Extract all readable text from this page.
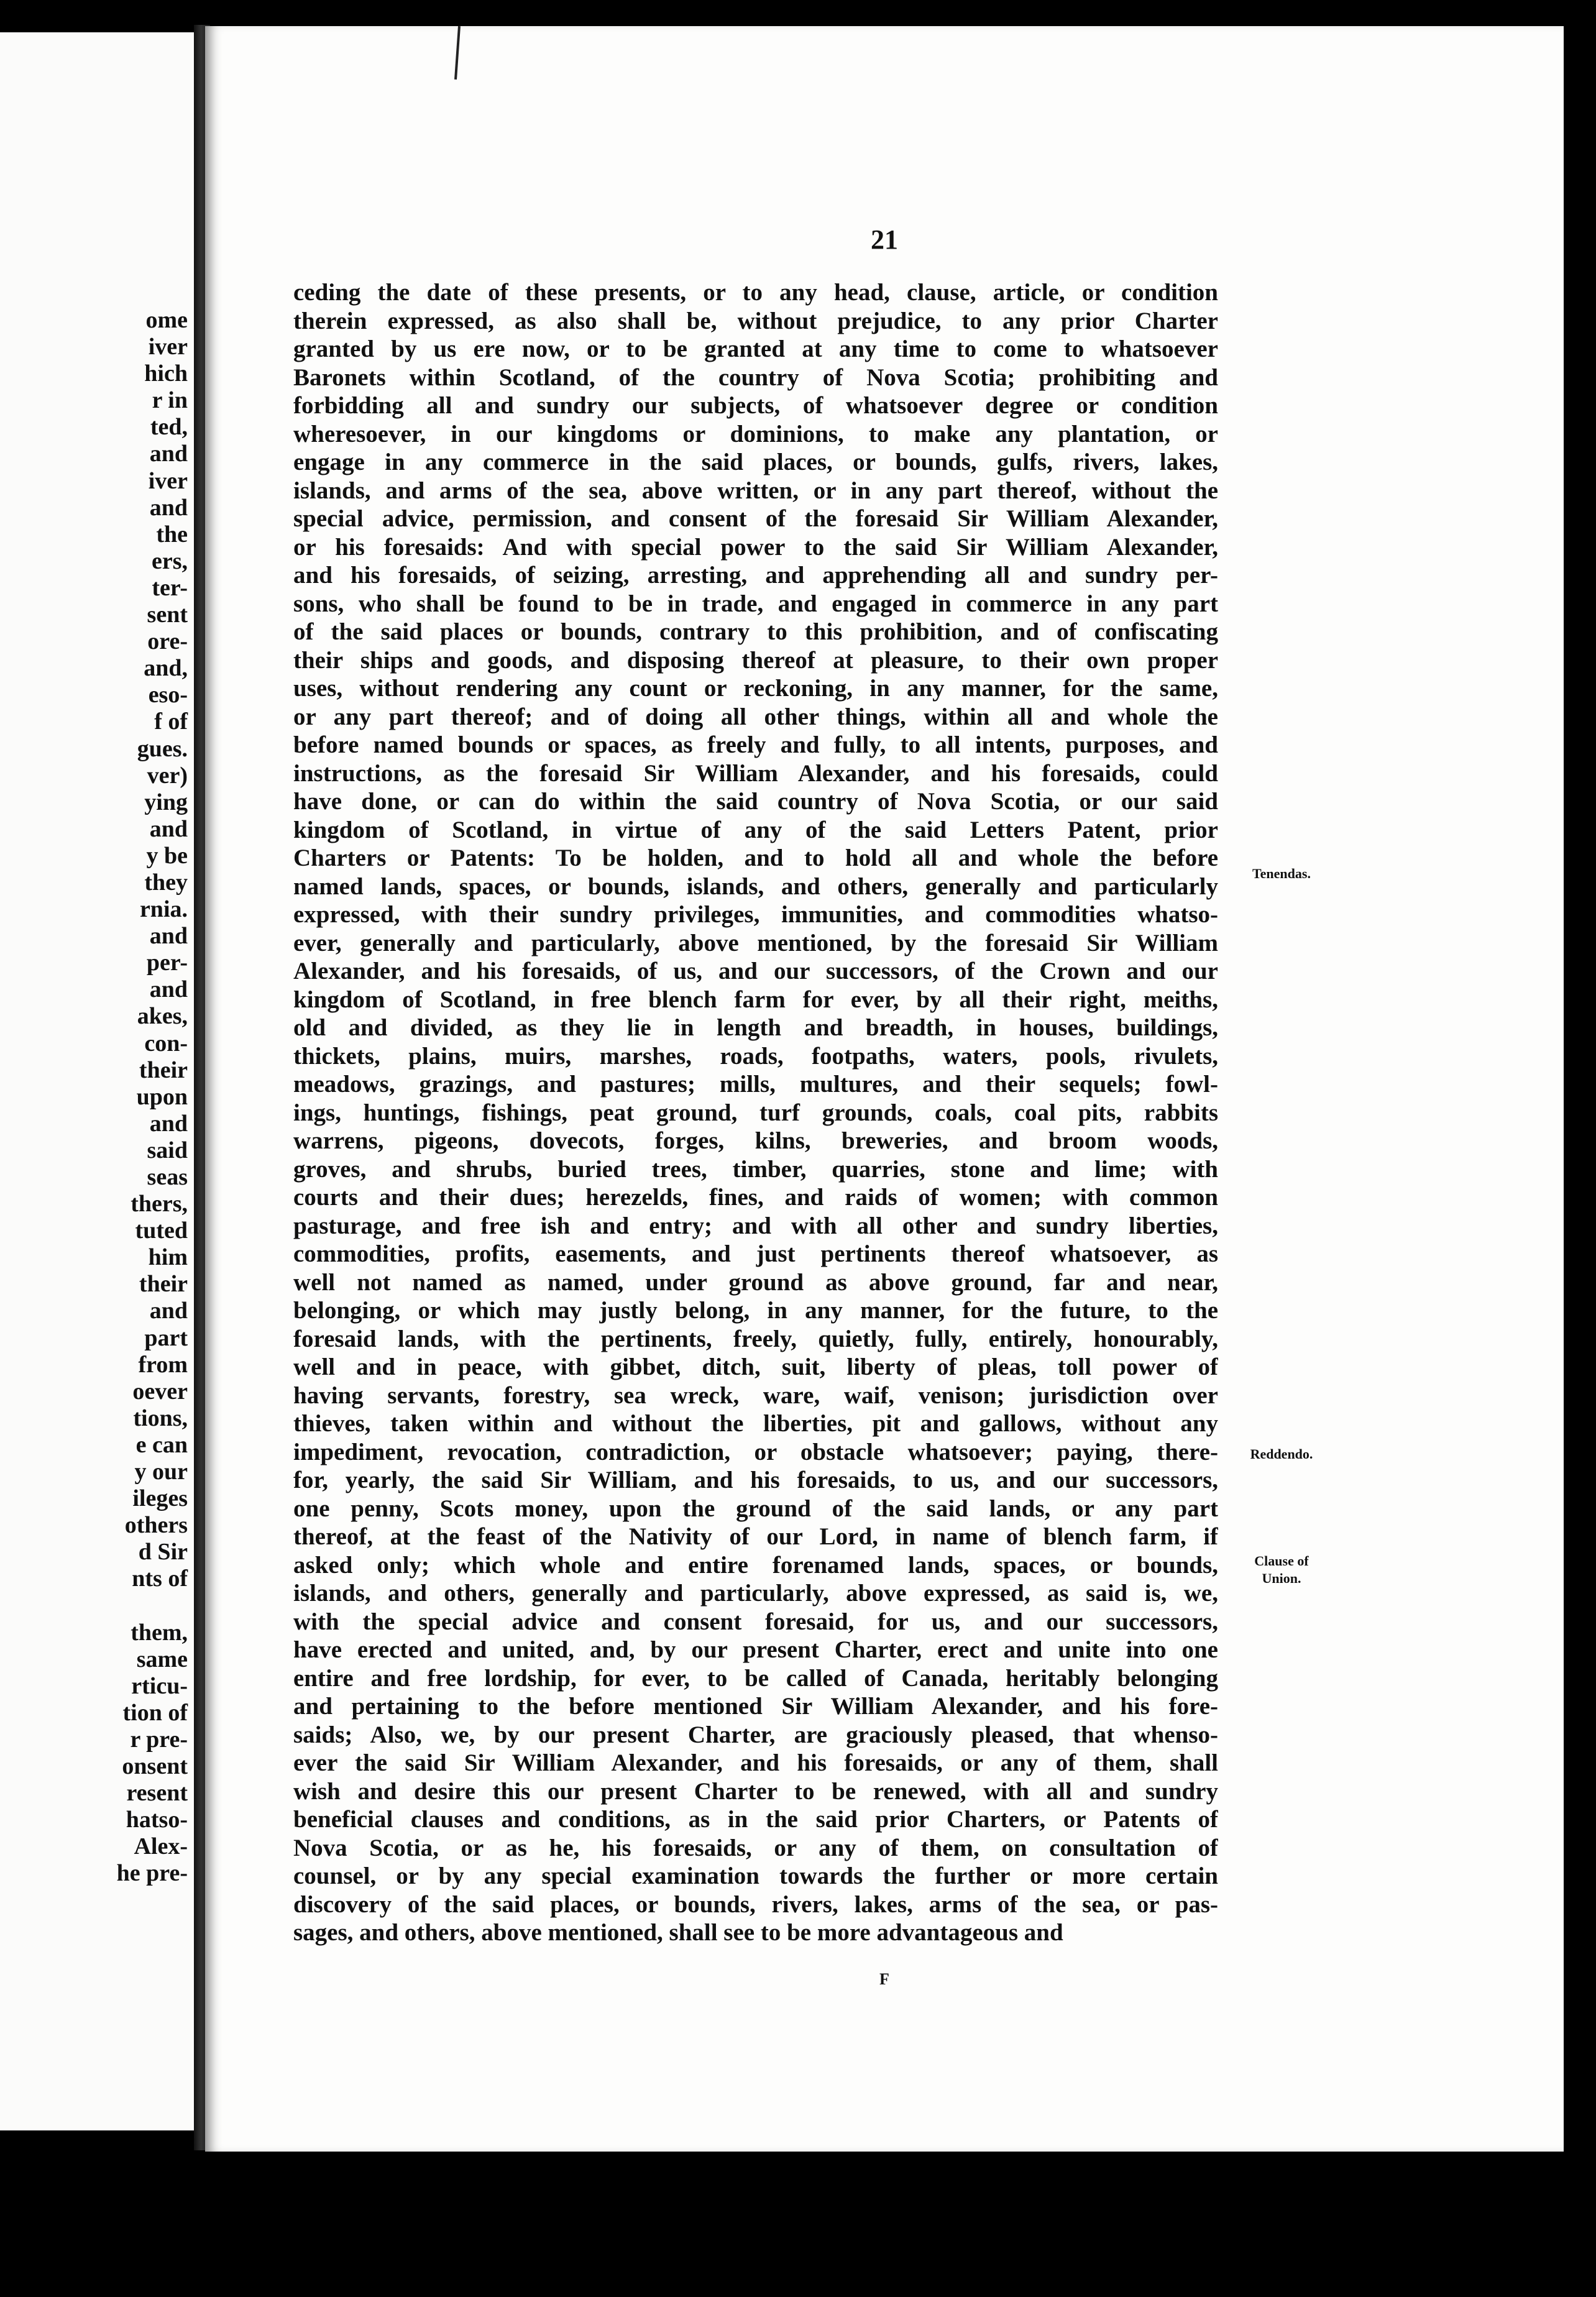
ome
iver
hich
r in
ted,
and
iver
and
the
ers,
ter-
sent
ore-
and,
eso-
f of
gues.
ver)
ying
and
y be
they
rnia.
and
per-
and
akes,
con-
their
upon
and
said
seas
thers,
tuted
him
their
and
part
from
oever
tions,
e can
y our
ileges
others
d Sir
nts of
them,
same
rticu-
tion of
r pre-
onsent
resent
hatso-
Alex-
he pre-
21
ceding the date of these presents, or to any head, clause, article, or condition
therein expressed, as also shall be, without prejudice, to any prior Charter
granted by us ere now, or to be granted at any time to come to whatsoever
Baronets within Scotland, of the country of Nova Scotia; prohibiting and
forbidding all and sundry our subjects, of whatsoever degree or condition
wheresoever, in our kingdoms or dominions, to make any plantation, or
engage in any commerce in the said places, or bounds, gulfs, rivers, lakes,
islands, and arms of the sea, above written, or in any part thereof, without the
special advice, permission, and consent of the foresaid Sir William Alexander,
or his foresaids: And with special power to the said Sir William Alexander,
and his foresaids, of seizing, arresting, and apprehending all and sundry per-
sons, who shall be found to be in trade, and engaged in commerce in any part
of the said places or bounds, contrary to this prohibition, and of confiscating
their ships and goods, and disposing thereof at pleasure, to their own proper
uses, without rendering any count or reckoning, in any manner, for the same,
or any part thereof; and of doing all other things, within all and whole the
before named bounds or spaces, as freely and fully, to all intents, purposes, and
instructions, as the foresaid Sir William Alexander, and his foresaids, could
have done, or can do within the said country of Nova Scotia, or our said
kingdom of Scotland, in virtue of any of the said Letters Patent, prior
Charters or Patents: To be holden, and to hold all and whole the before
named lands, spaces, or bounds, islands, and others, generally and particularly
expressed, with their sundry privileges, immunities, and commodities whatso-
ever, generally and particularly, above mentioned, by the foresaid Sir William
Alexander, and his foresaids, of us, and our successors, of the Crown and our
kingdom of Scotland, in free blench farm for ever, by all their right, meiths,
old and divided, as they lie in length and breadth, in houses, buildings,
thickets, plains, muirs, marshes, roads, footpaths, waters, pools, rivulets,
meadows, grazings, and pastures; mills, multures, and their sequels; fowl-
ings, huntings, fishings, peat ground, turf grounds, coals, coal pits, rabbits
warrens, pigeons, dovecots, forges, kilns, breweries, and broom woods,
groves, and shrubs, buried trees, timber, quarries, stone and lime; with
courts and their dues; herezelds, fines, and raids of women; with common
pasturage, and free ish and entry; and with all other and sundry liberties,
commodities, profits, easements, and just pertinents thereof whatsoever, as
well not named as named, under ground as above ground, far and near,
belonging, or which may justly belong, in any manner, for the future, to the
foresaid lands, with the pertinents, freely, quietly, fully, entirely, honourably,
well and in peace, with gibbet, ditch, suit, liberty of pleas, toll power of
having servants, forestry, sea wreck, ware, waif, venison; jurisdiction over
thieves, taken within and without the liberties, pit and gallows, without any
impediment, revocation, contradiction, or obstacle whatsoever; paying, there-
for, yearly, the said Sir William, and his foresaids, to us, and our successors,
one penny, Scots money, upon the ground of the said lands, or any part
thereof, at the feast of the Nativity of our Lord, in name of blench farm, if
asked only; which whole and entire forenamed lands, spaces, or bounds,
islands, and others, generally and particularly, above expressed, as said is, we,
with the special advice and consent foresaid, for us, and our successors,
have erected and united, and, by our present Charter, erect and unite into one
entire and free lordship, for ever, to be called of Canada, heritably belonging
and pertaining to the before mentioned Sir William Alexander, and his fore-
saids; Also, we, by our present Charter, are graciously pleased, that whenso-
ever the said Sir William Alexander, and his foresaids, or any of them, shall
wish and desire this our present Charter to be renewed, with all and sundry
beneficial clauses and conditions, as in the said prior Charters, or Patents of
Nova Scotia, or as he, his foresaids, or any of them, on consultation of
counsel, or by any special examination towards the further or more certain
discovery of the said places, or bounds, rivers, lakes, arms of the sea, or pas-
sages, and others, above mentioned, shall see to be more advantageous and
Tenendas.
Reddendo.
Clause of
Union.
F
